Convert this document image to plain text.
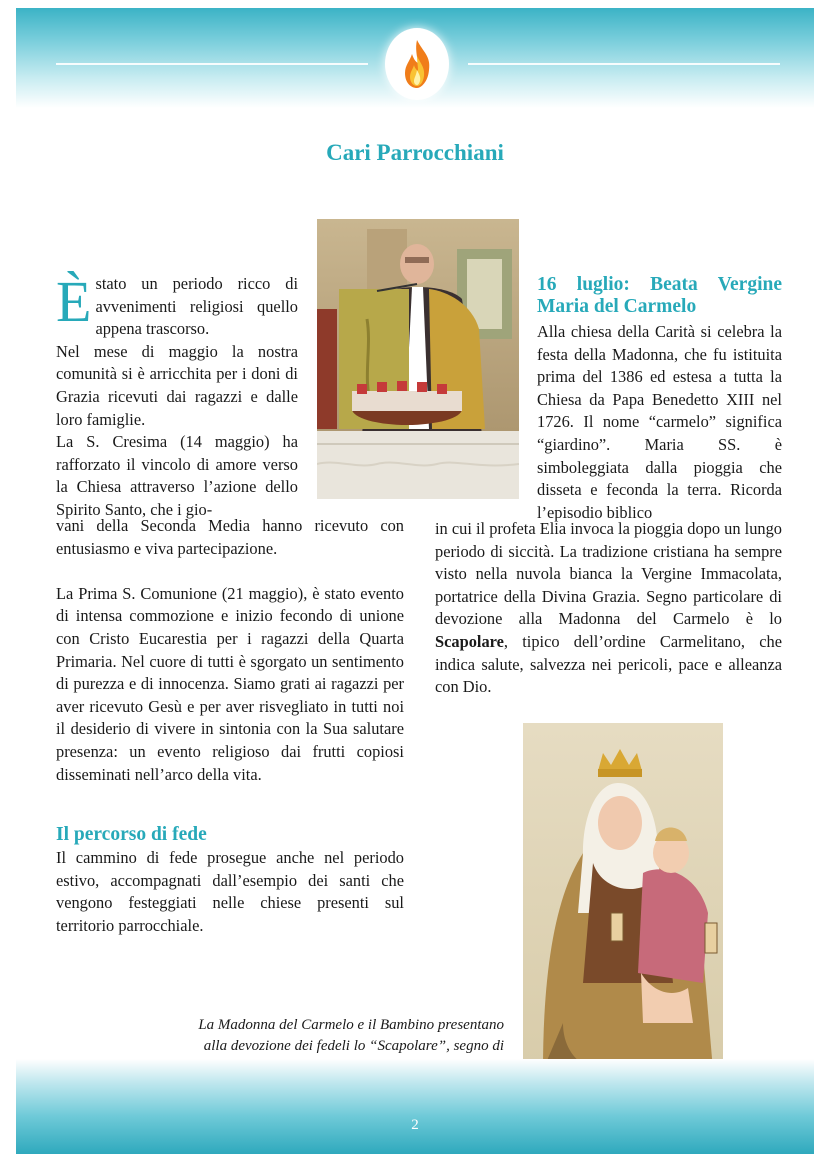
Cari Parrocchiani
È stato un periodo ricco di avvenimenti religiosi quello appena trascorso.

Nel mese di maggio la nostra comunità si è arricchita per i doni di Grazia ricevuti dai ragazzi e dalle loro famiglie.

La S. Cresima (14 maggio) ha rafforzato il vincolo di amore verso la Chiesa attraverso l’azione dello Spirito Santo, che i gio-

vani della Seconda Media hanno ricevuto con entusiasmo e viva partecipazione.

La Prima S. Comunione (21 maggio), è stato evento di intensa commozione e inizio fecondo di unione con Cristo Eucarestia per i ragazzi della Quarta Primaria. Nel cuore di tutti è sgorgato un sentimento di purezza e di innocenza. Siamo grati ai ragazzi per aver ricevuto Gesù e per aver risvegliato in tutti noi il desiderio di vivere in sintonia con la Sua salutare presenza: un evento religioso dai frutti copiosi disseminati nell’arco della vita.

Il percorso di fede
Il cammino di fede prosegue anche nel periodo estivo, accompagnati dall’esempio dei santi che vengono festeggiati nelle chiese presenti sul territorio parrocchiale.
16 luglio: Beata Vergine Maria del Carmelo
Alla chiesa della Carità si celebra la festa della Madonna, che fu istituita prima del 1386 ed estesa a tutta la Chiesa da Papa Benedetto XIII nel 1726. Il nome “carmelo” significa “giardino”. Maria SS. è simboleggiata dalla pioggia che disseta e feconda la terra. Ricorda l’episodio biblico
in cui il profeta Elia invoca la pioggia dopo un lungo periodo di siccità. La tradizione cristiana ha sempre visto nella nuvola bianca la Vergine Immacolata, portatrice della Divina Grazia. Segno particolare di devozione alla Madonna del Carmelo è lo Scapolare, tipico dell’ordine Carmelitano, che indica salute, salvezza nei pericoli, pace e alleanza con Dio.
La Madonna del Carmelo e il Bambino presentano alla devozione dei fedeli lo “Scapolare”, segno di
2
